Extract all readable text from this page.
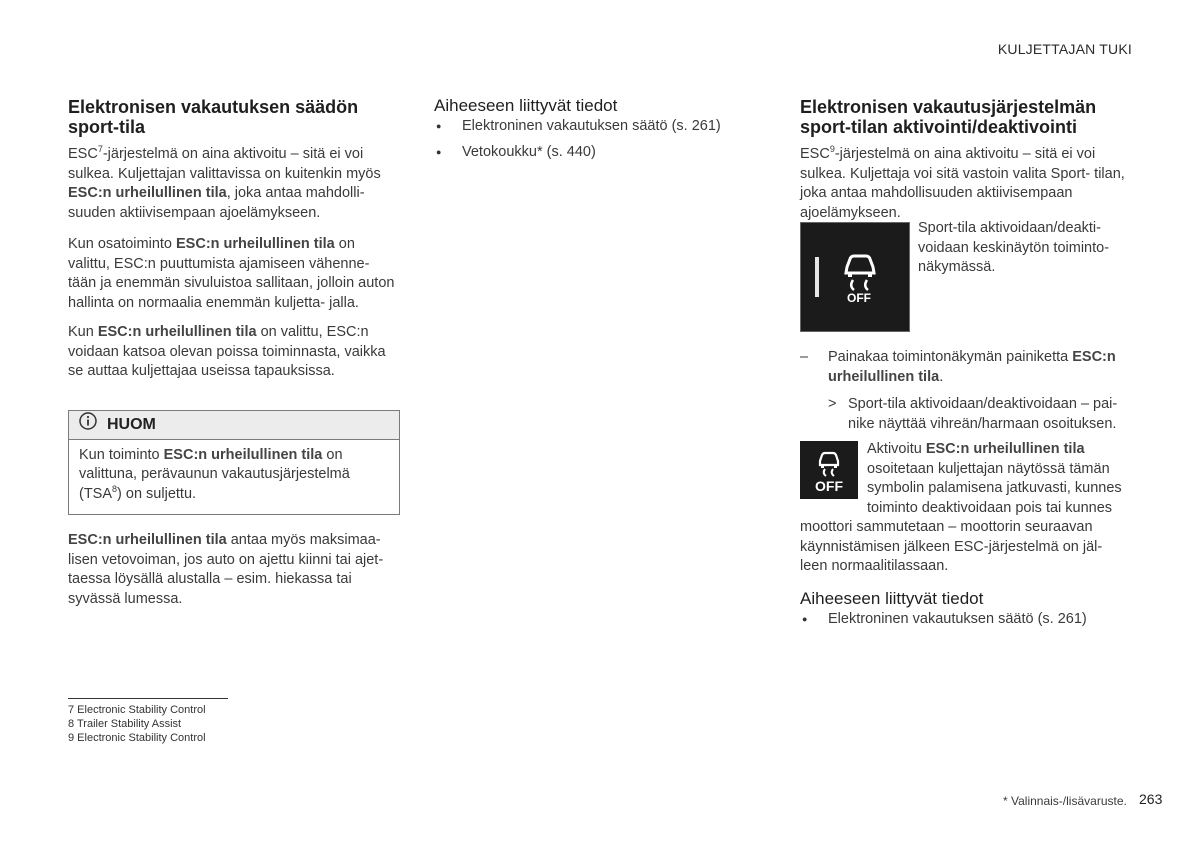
KULJETTAJAN TUKI
Elektronisen vakautuksen säädön
sport-tila

ESC$^7$-järjestelmä on aina aktivoitu – sitä ei voi sulkea. Kuljettajan valittavissa on kuitenkin myös ESC:n urheilullinen tila, joka antaa mahdolli- suuden aktiivisempaan ajoelämykseen.

Kun osatoiminto ESC:n urheilullinen tila on valittu, ESC:n puuttumista ajamiseen vähenne- tään ja enemmän sivuluistoa sallitaan, jolloin auton hallinta on normaalia enemmän kuljetta- jalla.

Kun ESC:n urheilullinen tila on valittu, ESC:n voidaan katsoa olevan poissa toiminnasta, vaikka se auttaa kuljettajaa useissa tapauksissa.

HUOM
Kun toiminto ESC:n urheilullinen tila on valittuna, perävaunun vakautusjärjestelmä (TSA$^8$) on suljettu.

ESC:n urheilullinen tila antaa myös maksimaa- lisen vetovoiman, jos auto on ajettu kiinni tai ajet- taessa löysällä alustalla – esim. hiekassa tai syvässä lumessa.

Aiheeseen liittyvät tiedot
● Elektroninen vakautuksen säätö (s. 261)
● Vetokoukku* (s. 440)
Elektronisen vakautusjärjestelmän
sport-tilan aktivointi/deaktivointi

ESC$^9$-järjestelmä on aina aktivoitu – sitä ei voi sulkea. Kuljettaja voi sitä vastoin valita Sport- tilan, joka antaa mahdollisuuden aktiivisempaan ajoelämykseen.

OFF
Sport-tila aktivoidaan/deakti- voidaan keskinäytön toiminto- näkymässä.
– Painakaa toimintonäkymän painiketta ESC:n urheilullinen tila.
> Sport-tila aktivoidaan/deaktivoidaan – pai- nike näyttää vihreän/harmaan osoituksen.
OFF
Aktivoitu ESC:n urheilullinen tila osoitetaan kuljettajan näytössä tämän symbolin palamisena jatkuvasti, kunnes toiminto deaktivoidaan pois tai kunnes
moottori sammutetaan – moottorin seuraavan käynnistämisen jälkeen ESC-järjestelmä on jäl- leen normaalitilassaan.
Aiheeseen liittyvät tiedot
● Elektroninen vakautuksen säätö (s. 261)
7 Electronic Stability Control
8 Trailer Stability Assist
9 Electronic Stability Control
* Valinnais-/lisävaruste. 263
